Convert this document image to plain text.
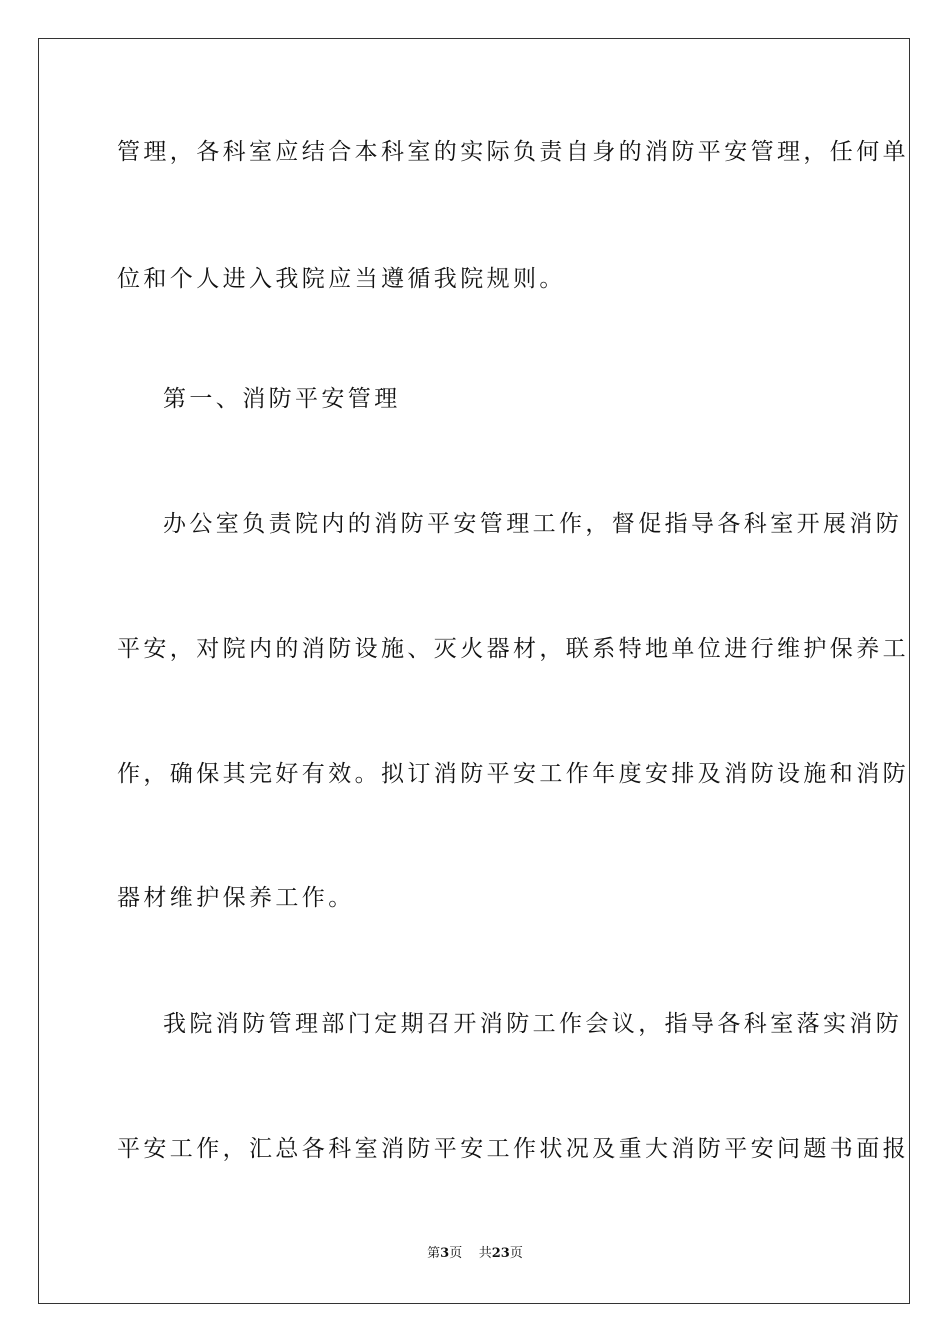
管理，各科室应结合本科室的实际负责自身的消防平安管理，任何单
位和个人进入我院应当遵循我院规则。
第一、消防平安管理
办公室负责院内的消防平安管理工作，督促指导各科室开展消防
平安，对院内的消防设施、灭火器材，联系特地单位进行维护保养工
作，确保其完好有效。拟订消防平安工作年度安排及消防设施和消防
器材维护保养工作。
我院消防管理部门定期召开消防工作会议，指导各科室落实消防
平安工作，汇总各科室消防平安工作状况及重大消防平安问题书面报
第3页 共23页
